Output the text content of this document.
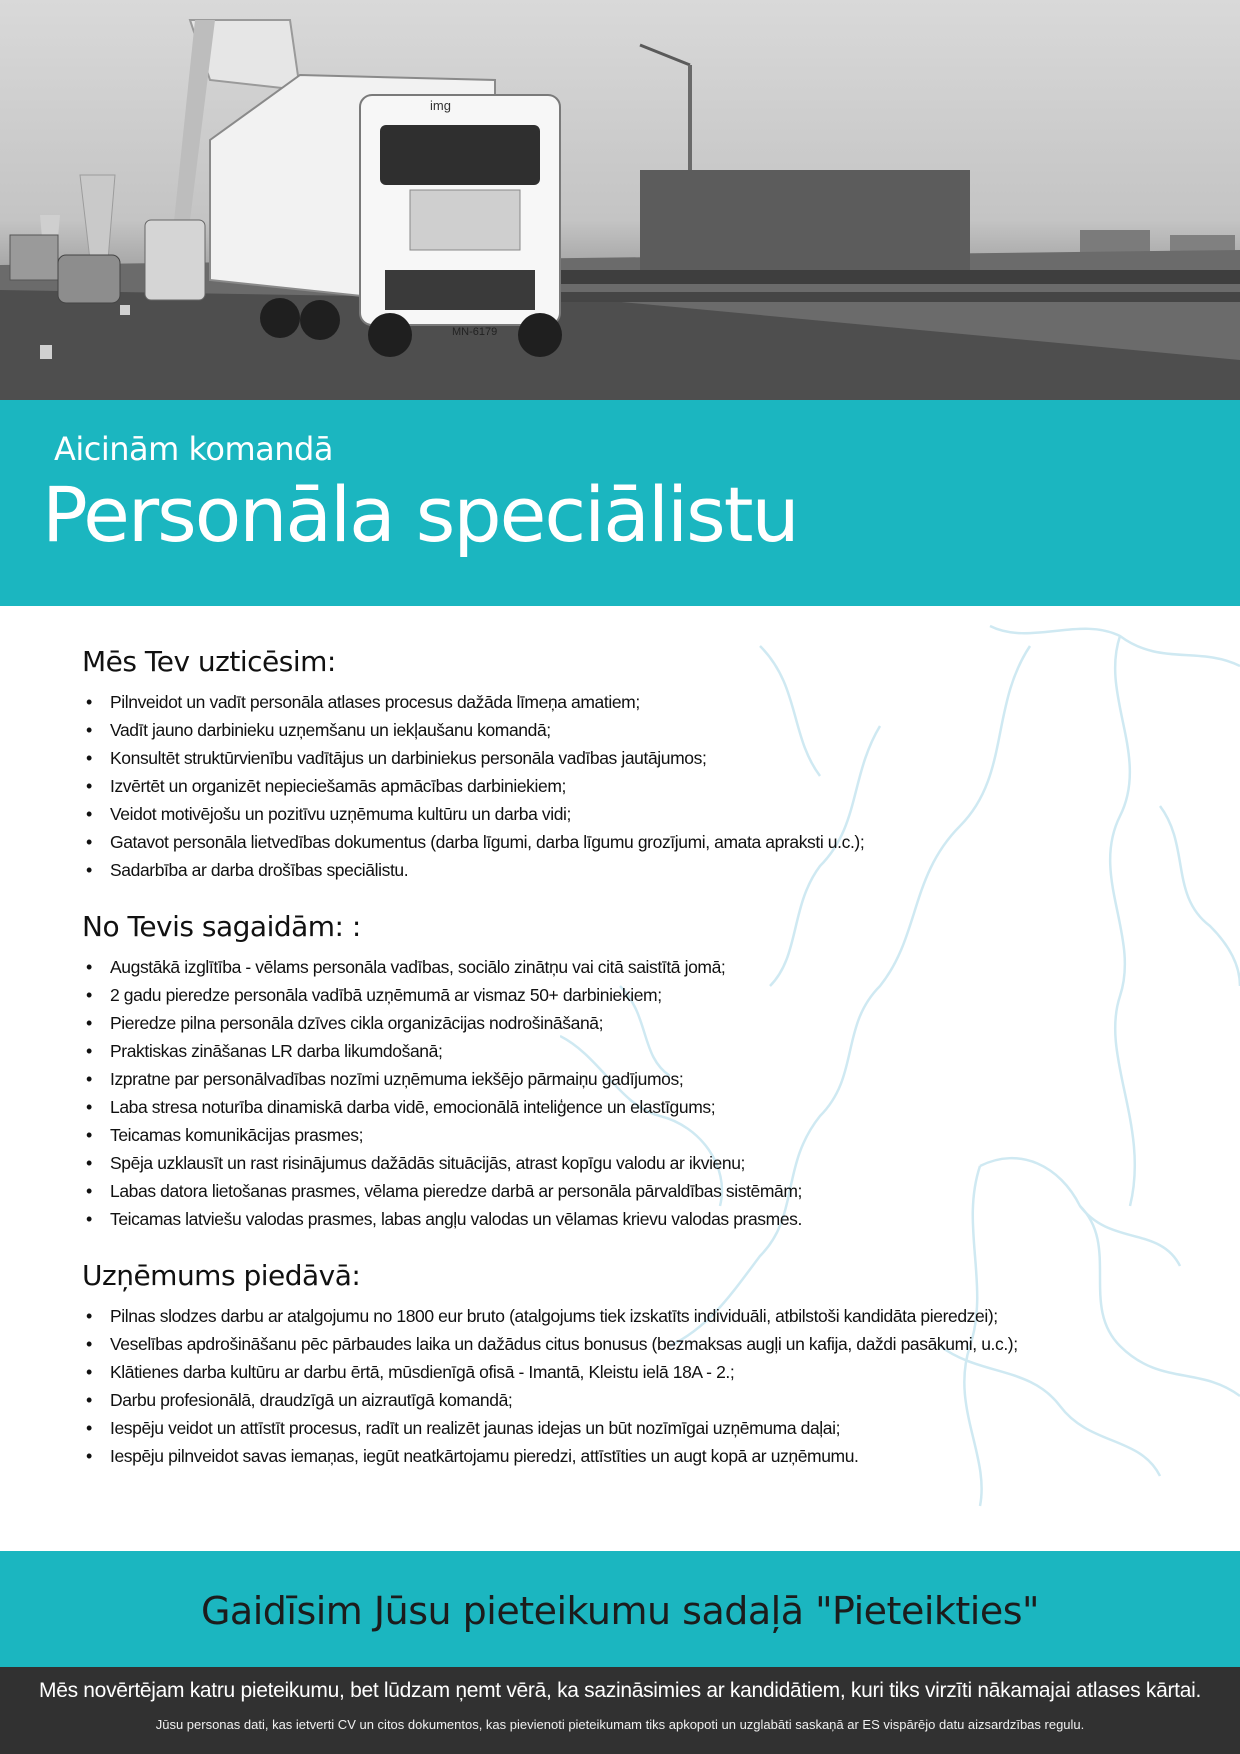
MN-6179
img
Aicinām komandā
Personāla speciālistu
Mēs Tev uzticēsim:
• Pilnveidot un vadīt personāla atlases procesus dažāda līmeņa amatiem;
• Vadīt jauno darbinieku uzņemšanu un iekļaušanu komandā;
• Konsultēt struktūrvienību vadītājus un darbiniekus personāla vadības jautājumos;
• Izvērtēt un organizēt nepieciešamās apmācības darbiniekiem;
• Veidot motivējošu un pozitīvu uzņēmuma kultūru un darba vidi;
• Gatavot personāla lietvedības dokumentus (darba līgumi, darba līgumu grozījumi, amata apraksti u.c.);
• Sadarbība ar darba drošības speciālistu.
No Tevis sagaidām: :
• Augstākā izglītība - vēlams personāla vadības, sociālo zinātņu vai citā saistītā jomā;
• 2 gadu pieredze personāla vadībā uzņēmumā ar vismaz 50+ darbiniekiem;
• Pieredze pilna personāla dzīves cikla organizācijas nodrošināšanā;
• Praktiskas zināšanas LR darba likumdošanā;
• Izpratne par personālvadības nozīmi uzņēmuma iekšējo pārmaiņu gadījumos;
• Laba stresa noturība dinamiskā darba vidē, emocionālā inteliģence un elastīgums;
• Teicamas komunikācijas prasmes;
• Spēja uzklausīt un rast risinājumus dažādās situācijās, atrast kopīgu valodu ar ikvienu;
• Labas datora lietošanas prasmes, vēlama pieredze darbā ar personāla pārvaldības sistēmām;
• Teicamas latviešu valodas prasmes, labas angļu valodas un vēlamas krievu valodas prasmes.
Uzņēmums piedāvā:
• Pilnas slodzes darbu ar atalgojumu no 1800 eur bruto (atalgojums tiek izskatīts individuāli, atbilstoši kandidāta pieredzei);
• Veselības apdrošināšanu pēc pārbaudes laika un dažādus citus bonusus (bezmaksas augļi un kafija, daždi pasākumi, u.c.);
• Klātienes darba kultūru ar darbu ērtā, mūsdienīgā ofisā - Imantā, Kleistu ielā 18A - 2.;
• Darbu profesionālā, draudzīgā un aizrautīgā komandā;
• Iespēju veidot un attīstīt procesus, radīt un realizēt jaunas idejas un būt nozīmīgai uzņēmuma daļai;
• Iespēju pilnveidot savas iemaņas, iegūt neatkārtojamu pieredzi, attīstīties un augt kopā ar uzņēmumu.
Gaidīsim Jūsu pieteikumu sadaļā "Pieteikties"
Mēs novērtējam katru pieteikumu, bet lūdzam ņemt vērā, ka sazināsimies ar kandidātiem, kuri tiks virzīti nākamajai atlases kārtai.
Jūsu personas dati, kas ietverti CV un citos dokumentos, kas pievienoti pieteikumam tiks apkopoti un uzglabāti saskaņā ar ES vispārējo datu aizsardzības regulu.
